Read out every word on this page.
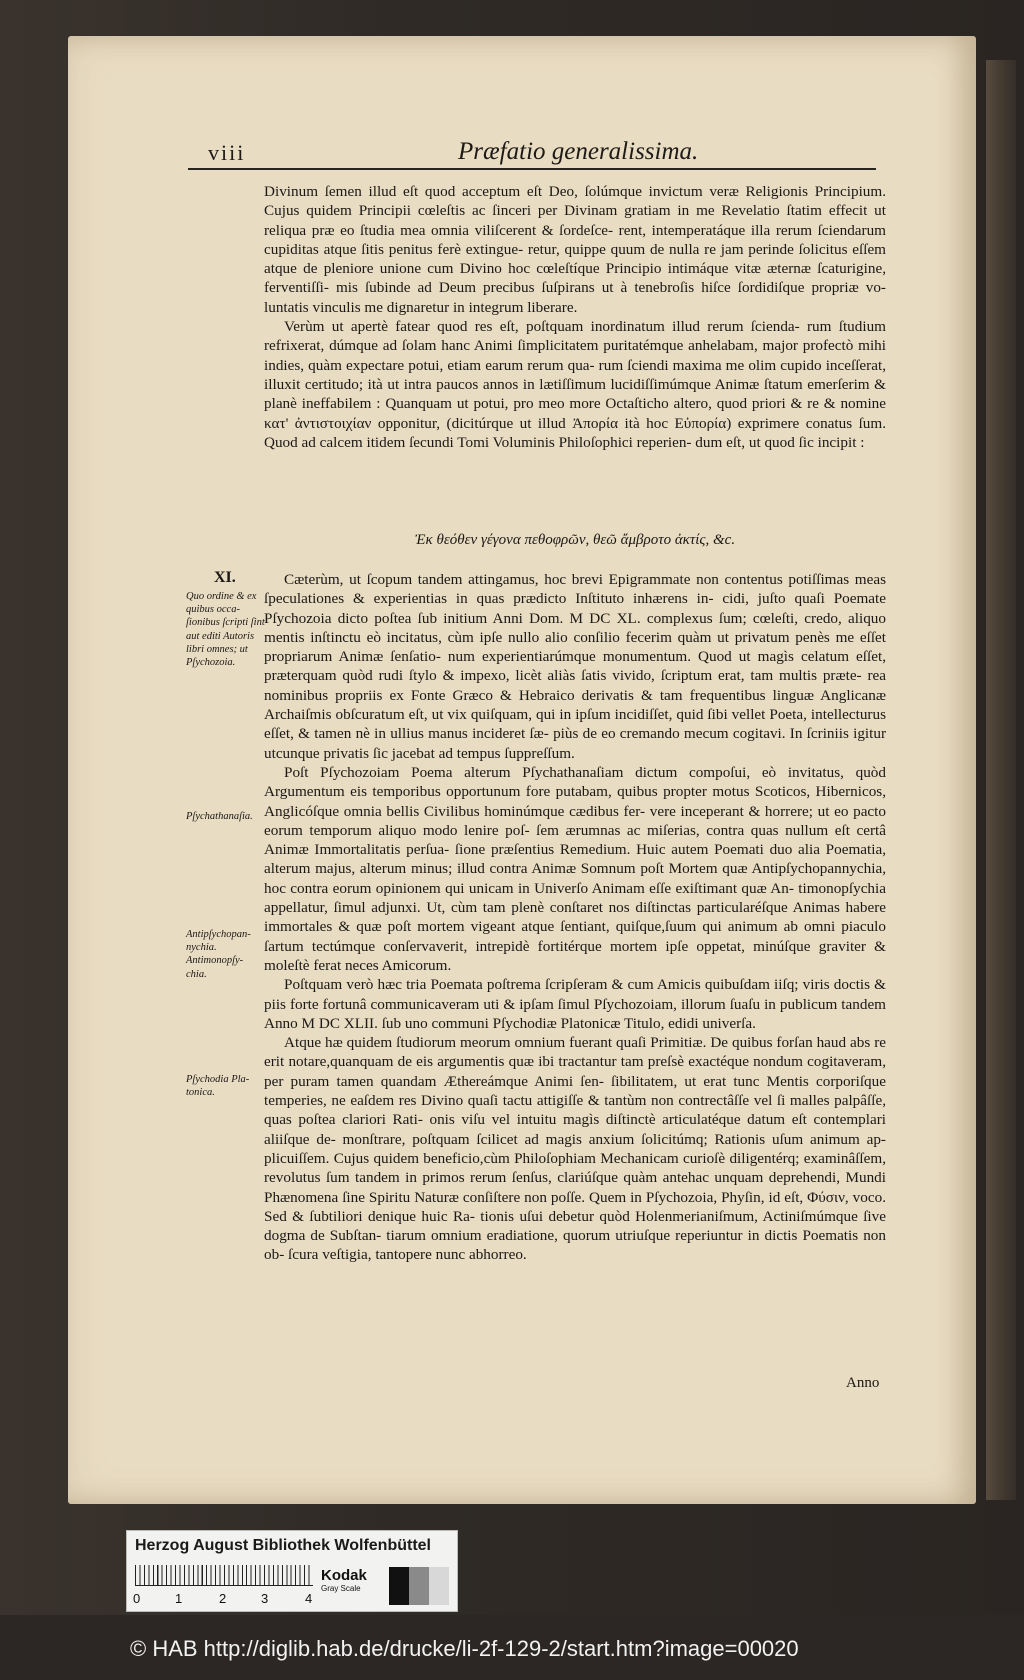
viii	Præfatio generalissima.

Divinum ſemen illud eſt quod acceptum eſt Deo, ſolúmque invictum veræ Religionis Principium. Cujus quidem Principii cœleſtis ac ſinceri per Divinam gratiam in me Revelatio ſtatim effecit ut reliqua præ eo ſtudia mea omnia viliſcerent & ſordeſce- rent, intemperatáque illa rerum ſciendarum cupiditas atque ſitis penitus ferè extingue- retur, quippe quum de nulla re jam perinde ſolicitus eſſem atque de pleniore unione cum Divino hoc cœleſtíque Principio intimáque vitæ æternæ ſcaturigine, ferventiſſi- mis ſubinde ad Deum precibus ſuſpirans ut à tenebroſis hiſce ſordidiſque propriæ vo- luntatis vinculis me dignaretur in integrum liberare.

Verùm ut apertè fatear quod res eſt, poſtquam inordinatum illud rerum ſcienda- rum ſtudium refrixerat, dúmque ad ſolam hanc Animi ſimplicitatem puritatémque anhelabam, major profectò mihi indies, quàm expectare potui, etiam earum rerum qua- rum ſciendi maxima me olim cupido inceſſerat, illuxit certitudo; ità ut intra paucos annos in lætiſſimum lucidiſſimúmque Animæ ſtatum emerſerim & planè ineffabilem : Quanquam ut potui, pro meo more Octaſticho altero, quod priori & re & nomine κατ' ἀντιστοιχίαν opponitur, (dicitúrque ut illud Ἀπορία ità hoc Εὐπορία) exprimere conatus ſum. Quod ad calcem itidem ſecundi Tomi Voluminis Philoſophici reperien- dum eſt, ut quod ſic incipit :

Ἐκ θεόθεν γέγονα πεθοφρῶν, θεῶ ἄμβροτο ἀκτίς, &c.
XI.	Cæterùm, ut ſcopum tandem attingamus, hoc brevi Epigrammate non contentus potiſſimas meas ſpeculationes & experientias in quas prædicto Inſtituto inhærens in- cidi, juſto quaſi Poemate Pſychozoia dicto poſtea ſub initium Anni Dom. M DC XL. complexus ſum; cœleſti, credo, aliquo mentis inſtinctu eò incitatus, cùm ipſe nullo alio conſilio fecerim quàm ut privatum penès me eſſet propriarum Animæ ſenſatio- num experientiarúmque monumentum. Quod ut magìs celatum eſſet, præterquam quòd rudi ſtylo & impexo, licèt aliàs ſatis vivido, ſcriptum erat, tam multis præte- rea nominibus propriis ex Fonte Græco & Hebraico derivatis & tam frequentibus linguæ Anglicanæ Archaiſmis obſcuratum eſt, ut vix quiſquam, qui in ipſum incidiſſet, quid ſibi vellet Poeta, intellecturus eſſet, & tamen nè in ullius manus incideret ſæ- piùs de eo cremando mecum cogitavi. In ſcriniis igitur utcunque privatis ſic jacebat ad tempus ſuppreſſum.

Poſt Pſychozoiam Poema alterum Pſychathanaſiam dictum compoſui, eò invitatus, quòd Argumentum eis temporibus opportunum fore putabam, quibus propter motus Scoticos, Hibernicos, Anglicóſque omnia bellis Civilibus hominúmque cædibus fer- vere inceperant & horrere; ut eo pacto eorum temporum aliquo modo lenire poſ- ſem ærumnas ac miſerias, contra quas nullum eſt certâ Animæ Immortalitatis perſua- ſione præſentius Remedium. Huic autem Poemati duo alia Poematia, alterum majus, alterum minus; illud contra Animæ Somnum poſt Mortem quæ Antipſychopannychia, hoc contra eorum opinionem qui unicam in Univerſo Animam eſſe exiſtimant quæ An- timonopſychia appellatur, ſimul adjunxi. Ut, cùm tam plenè conſtaret nos diſtinctas particularéſque Animas habere immortales & quæ poſt mortem vigeant atque ſentiant, quiſque,ſuum qui animum ab omni piaculo ſartum tectúmque conſervaverit, intrepidè fortitérque mortem ipſe oppetat, minúſque graviter & moleſtè ferat neces Amicorum.

Poſtquam verò hæc tria Poemata poſtrema ſcripſeram & cum Amicis quibuſdam iiſq; viris doctis & piis forte fortunâ communicaveram uti & ipſam ſimul Pſychozoiam, illorum ſuaſu in publicum tandem Anno M DC XLII. ſub uno communi Pſychodiæ Platonicæ Titulo, edidi univerſa.

Atque hæ quidem ſtudiorum meorum omnium fuerant quaſi Primitiæ. De quibus forſan haud abs re erit notare,quanquam de eis argumentis quæ ibi tractantur tam preſsè exactéque nondum cogitaveram, per puram tamen quandam Æthereámque Animi ſen- ſibilitatem, ut erat tunc Mentis corporiſque temperies, ne eaſdem res Divino quaſi tactu attigiſſe & tantùm non contrectâſſe vel ſi malles palpâſſe, quas poſtea clariori Rati- onis viſu vel intuitu magìs diſtinctè articulatéque datum eſt contemplari aliiſque de- monſtrare, poſtquam ſcilicet ad magis anxium ſolicitúmq; Rationis uſum animum ap- plicuiſſem. Cujus quidem beneficio,cùm Philoſophiam Mechanicam curioſè diligentérq; examinâſſem, revolutus ſum tandem in primos rerum ſenſus, clariúſque quàm antehac unquam deprehendi, Mundi Phænomena ſine Spiritu Naturæ conſiſtere non poſſe. Quem in Pſychozoia, Phyſin, id eſt, Φύσιν, voco. Sed & ſubtiliori denique huic Ra- tionis uſui debetur quòd Holenmerianiſmum, Actiniſmúmque ſive dogma de Subſtan- tiarum omnium eradiatione, quorum utriuſque reperiuntur in dictis Poematis non ob- ſcura veſtigia, tantopere nunc abhorreo.

Quo ordine & ex quibus occa- ſionibus ſcripti ſint aut editi Autoris libri omnes; ut Pſychozoia.
Pſychathanaſia.
Antipſychopan- nychia. Antimonopſy- chia.
Pſychodia Pla- tonica.
Anno
Herzog August Bibliothek Wolfenbüttel
0	1	2	3	4
Kodak
Gray Scale
© HAB http://diglib.hab.de/drucke/li-2f-129-2/start.htm?image=00020
